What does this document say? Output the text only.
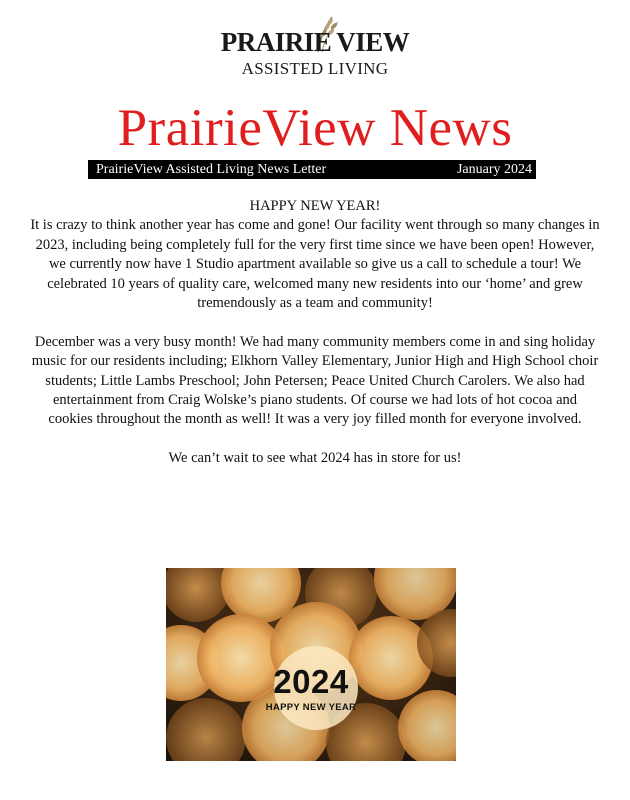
PRAIRIE VIEW
ASSISTED LIVING
PrairieView News
PrairieView Assisted Living News Letter	January 2024

HAPPY NEW YEAR!

It is crazy to think another year has come and gone! Our facility went through so many changes in 2023, including being completely full for the very first time since we have been open! However, we currently now have 1 Studio apartment available so give us a call to schedule a tour! We celebrated 10 years of quality care, welcomed many new residents into our ‘home’ and grew tremendously as a team and community!

December was a very busy month! We had many community members come in and sing holiday music for our residents including; Elkhorn Valley Elementary, Junior High and High School choir students; Little Lambs Preschool; John Petersen; Peace United Church Carolers. We also had entertainment from Craig Wolske’s piano students. Of course we had lots of hot cocoa and cookies throughout the month as well! It was a very joy filled month for everyone involved.

We can’t wait to see what 2024 has in store for us!

2024
HAPPY NEW YEAR
